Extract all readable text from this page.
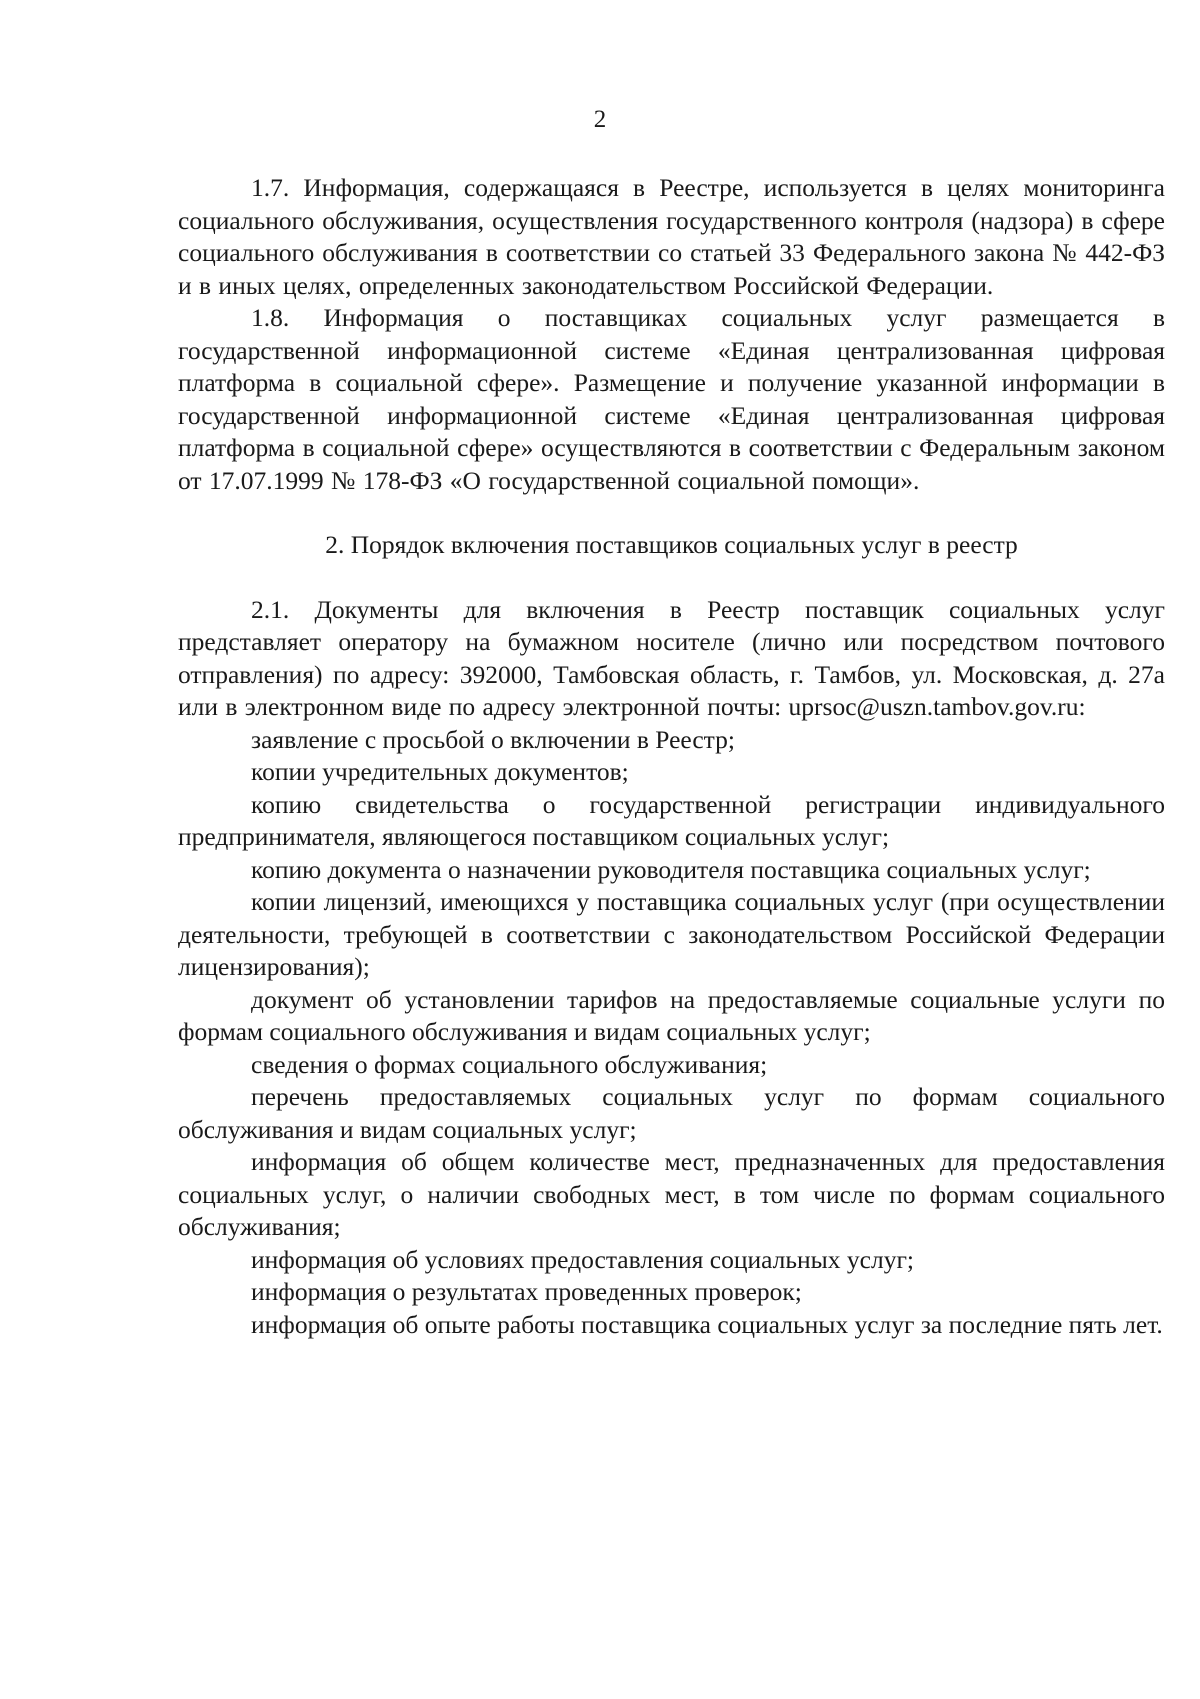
2

1.7. Информация, содержащаяся в Реестре, используется в целях мониторинга социального обслуживания, осуществления государственного контроля (надзора) в сфере социального обслуживания в соответствии со статьей 33 Федерального закона № 442-ФЗ и в иных целях, определенных законодательством Российской Федерации.

1.8. Информация о поставщиках социальных услуг размещается в государственной информационной системе «Единая централизованная цифровая платформа в социальной сфере». Размещение и получение указанной информации в государственной информационной системе «Единая централизованная цифровая платформа в социальной сфере» осуществляются в соответствии с Федеральным законом от 17.07.1999 № 178-ФЗ «О государственной социальной помощи».

2. Порядок включения поставщиков социальных услуг в реестр

2.1. Документы для включения в Реестр поставщик социальных услуг представляет оператору на бумажном носителе (лично или посредством почтового отправления) по адресу: 392000, Тамбовская область, г. Тамбов, ул. Московская, д. 27а или в электронном виде по адресу электронной почты: uprsoc@uszn.tambov.gov.ru:

заявление с просьбой о включении в Реестр;

копии учредительных документов;

копию свидетельства о государственной регистрации индивидуального предпринимателя, являющегося поставщиком социальных услуг;

копию документа о назначении руководителя поставщика социальных услуг;

копии лицензий, имеющихся у поставщика социальных услуг (при осуществлении деятельности, требующей в соответствии с законодательством Российской Федерации лицензирования);

документ об установлении тарифов на предоставляемые социальные услуги по формам социального обслуживания и видам социальных услуг;

сведения о формах социального обслуживания;

перечень предоставляемых социальных услуг по формам социального обслуживания и видам социальных услуг;

информация об общем количестве мест, предназначенных для предоставления социальных услуг, о наличии свободных мест, в том числе по формам социального обслуживания;

информация об условиях предоставления социальных услуг;

информация о результатах проведенных проверок;

информация об опыте работы поставщика социальных услуг за последние пять лет.
